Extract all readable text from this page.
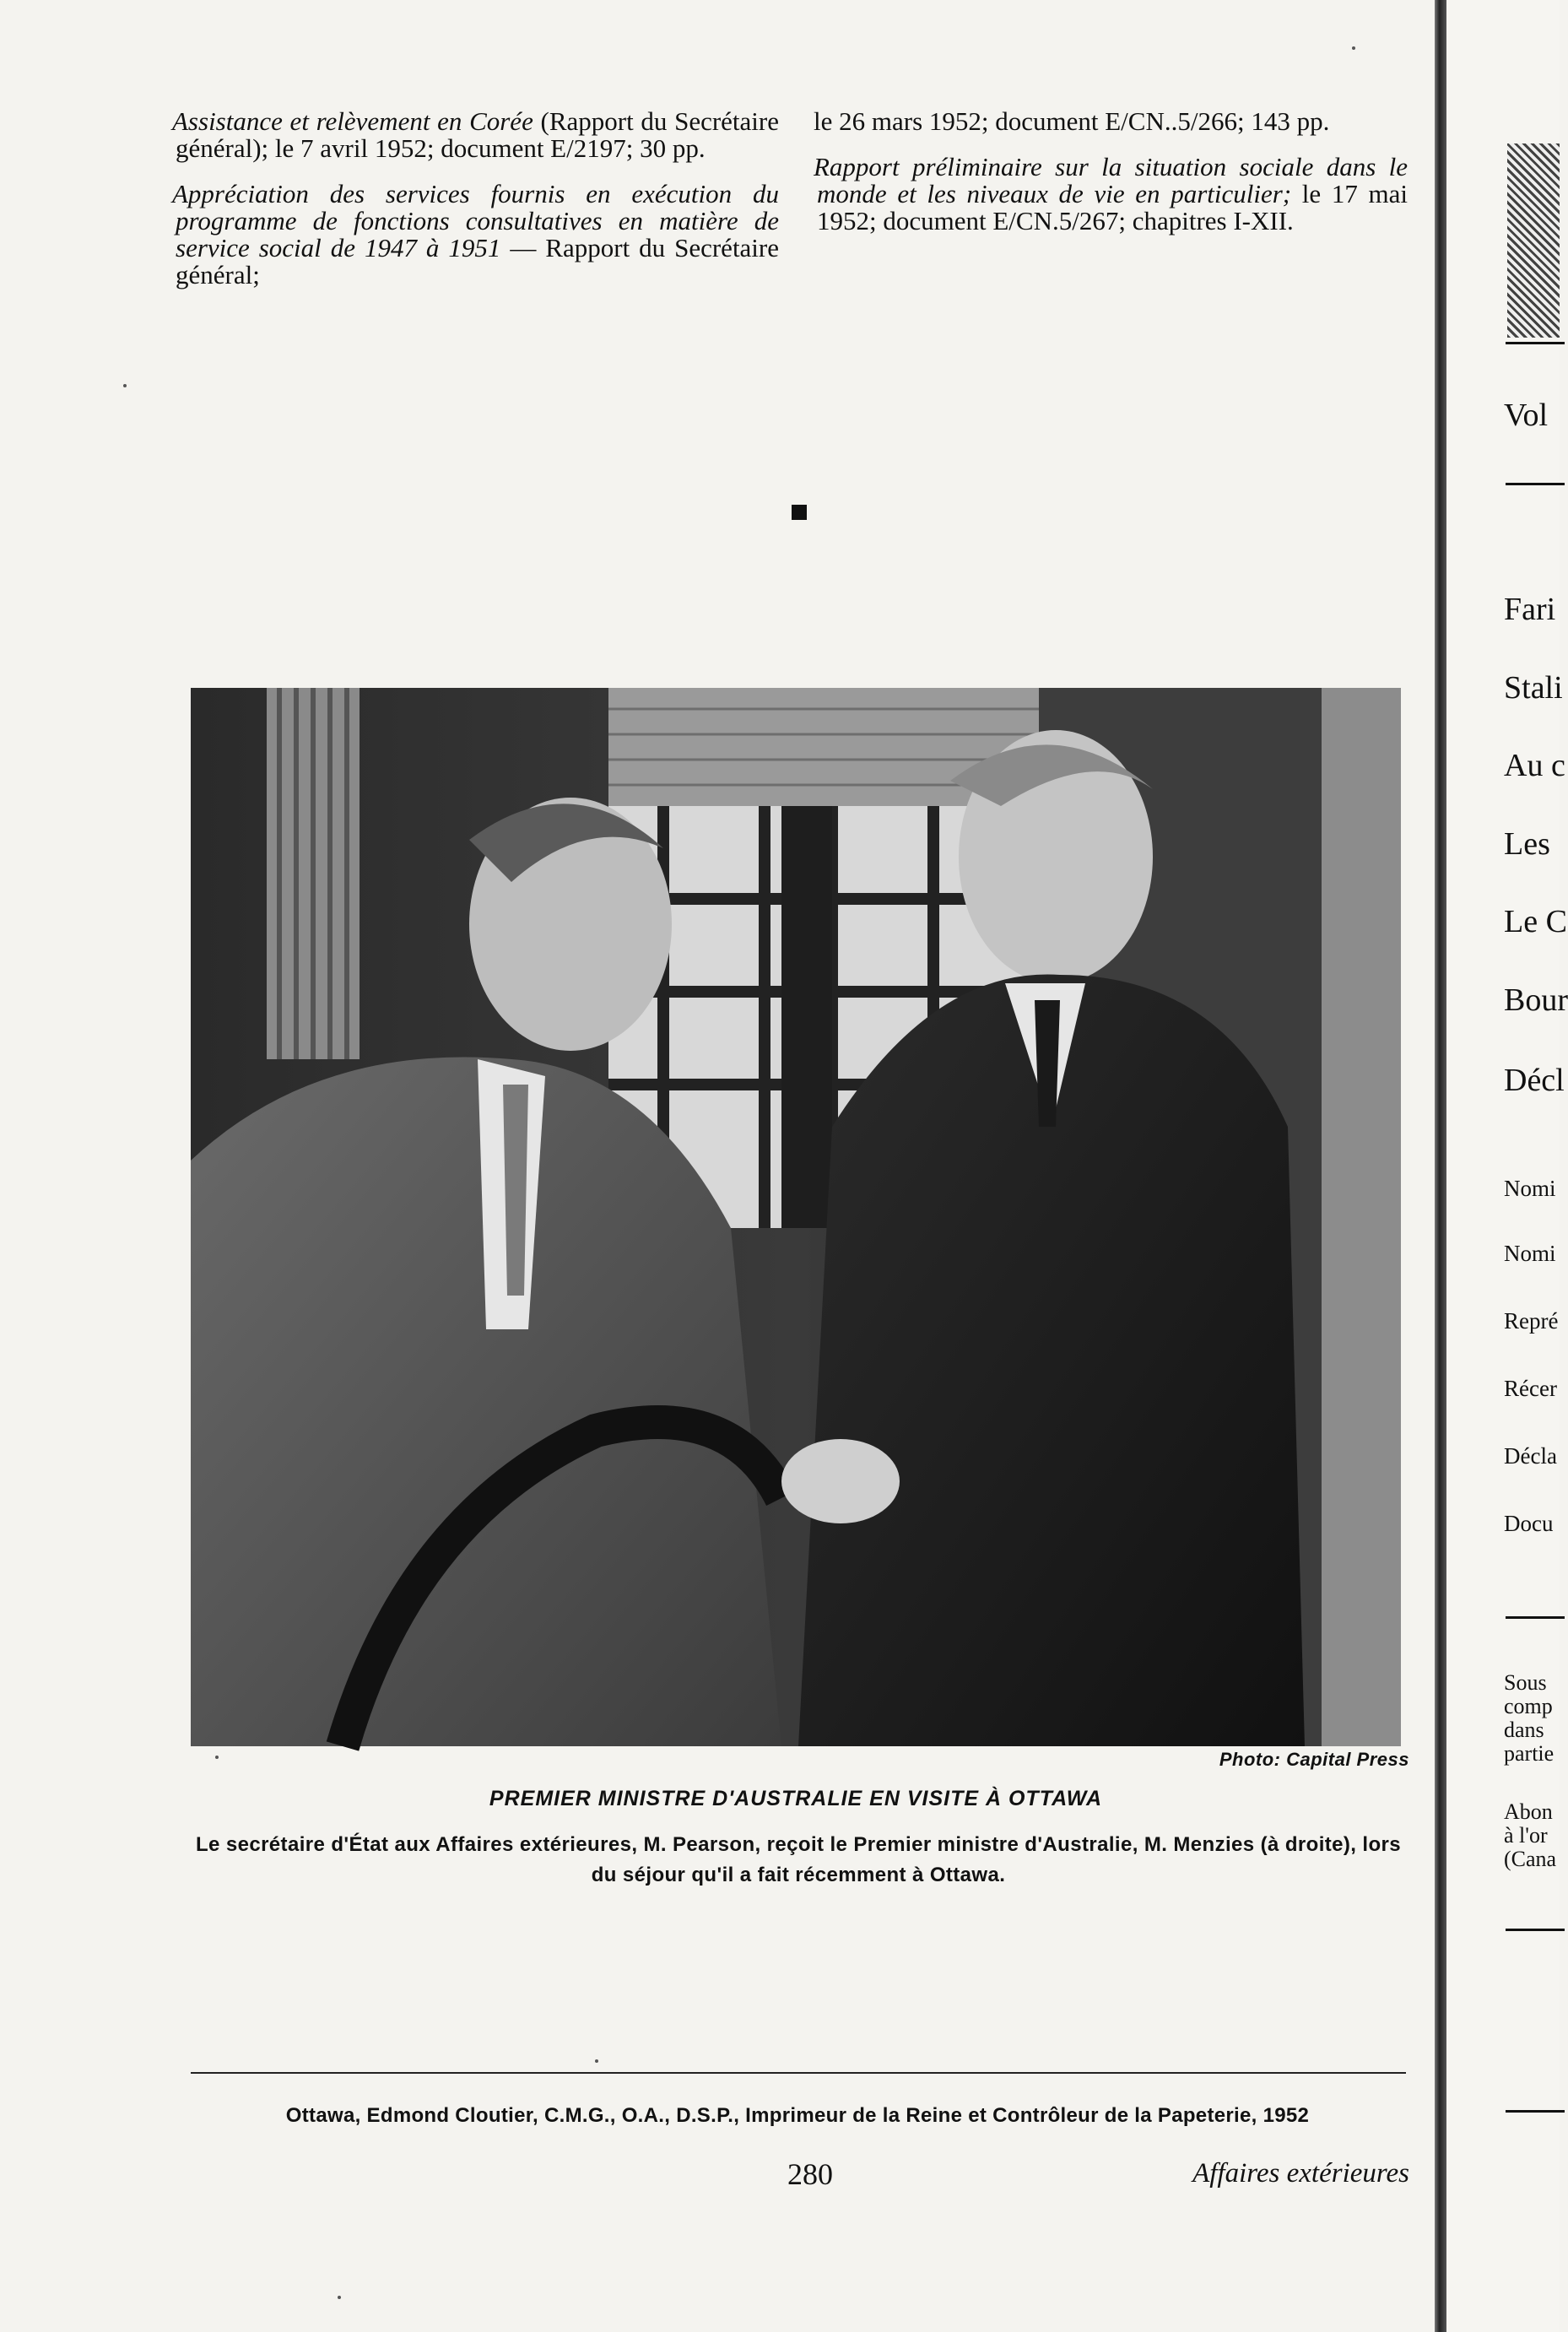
Assistance et relèvement en Corée (Rapport du Secrétaire général); le 7 avril 1952; document E/2197; 30 pp.

Appréciation des services fournis en exécution du programme de fonctions consultatives en matière de service social de 1947 à 1951 — Rapport du Secrétaire général;

le 26 mars 1952; document E/CN..5/266; 143 pp.

Rapport préliminaire sur la situation sociale dans le monde et les niveaux de vie en particulier; le 17 mai 1952; document E/CN.5/267; chapitres I-XII.

Photo: Capital Press
PREMIER MINISTRE D'AUSTRALIE EN VISITE À OTTAWA
Le secrétaire d'État aux Affaires extérieures, M. Pearson, reçoit le Premier ministre d'Australie, M. Menzies (à droite), lors du séjour qu'il a fait récemment à Ottawa.
Ottawa, Edmond Cloutier, C.M.G., O.A., D.S.P., Imprimeur de la Reine et Contrôleur de la Papeterie, 1952
280	Affaires extérieures
Vol
Fari
Stali
Au c
Les
Le C
Bour
Décl
Nomi
Nomi
Repré
Récer
Décla
Docu
Sous
comp
dans
partie
Abon
à l'or
(Cana
